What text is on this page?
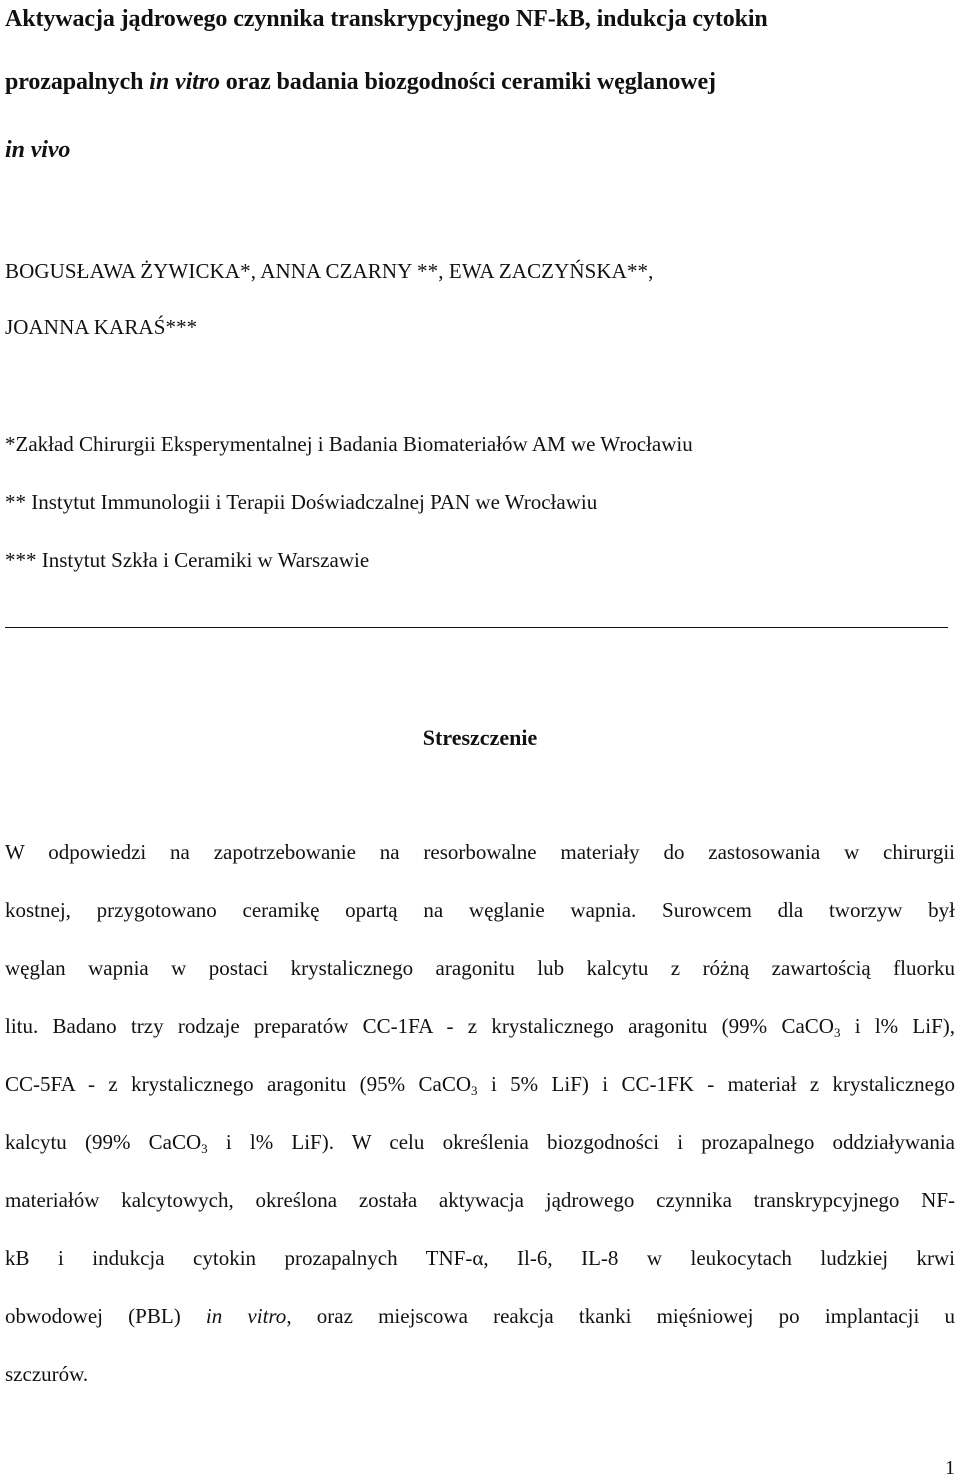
Aktywacja jądrowego czynnika transkrypcyjnego NF-kB, indukcja cytokin
prozapalnych in vitro oraz badania biozgodności ceramiki węglanowej
in vivo
BOGUSŁAWA ŻYWICKA*, ANNA CZARNY **, EWA ZACZYŃSKA**,
JOANNA KARAŚ***
*Zakład Chirurgii Eksperymentalnej i Badania Biomateriałów AM we Wrocławiu
** Instytut Immunologii i Terapii Doświadczalnej PAN we Wrocławiu
*** Instytut Szkła i Ceramiki w Warszawie
Streszczenie
W odpowiedzi na zapotrzebowanie na resorbowalne materiały do zastosowania w chirurgii
kostnej, przygotowano ceramikę opartą na węglanie wapnia. Surowcem dla tworzyw był
węglan wapnia w postaci krystalicznego aragonitu lub kalcytu z różną zawartością fluorku
litu. Badano trzy rodzaje preparatów CC-1FA - z krystalicznego aragonitu (99% CaCO$_3$ i l% LiF),
CC-5FA - z krystalicznego aragonitu (95% CaCO$_3$ i 5% LiF) i CC-1FK - materiał z krystalicznego
kalcytu (99% CaCO$_3$ i l% LiF). W celu określenia biozgodności i prozapalnego oddziaływania
materiałów kalcytowych, określona została aktywacja jądrowego czynnika transkrypcyjnego NF-
kB i indukcja cytokin prozapalnych TNF-α, Il-6, IL-8 w leukocytach ludzkiej krwi
obwodowej (PBL) in vitro, oraz miejscowa reakcja tkanki mięśniowej po implantacji u
szczurów.
1
